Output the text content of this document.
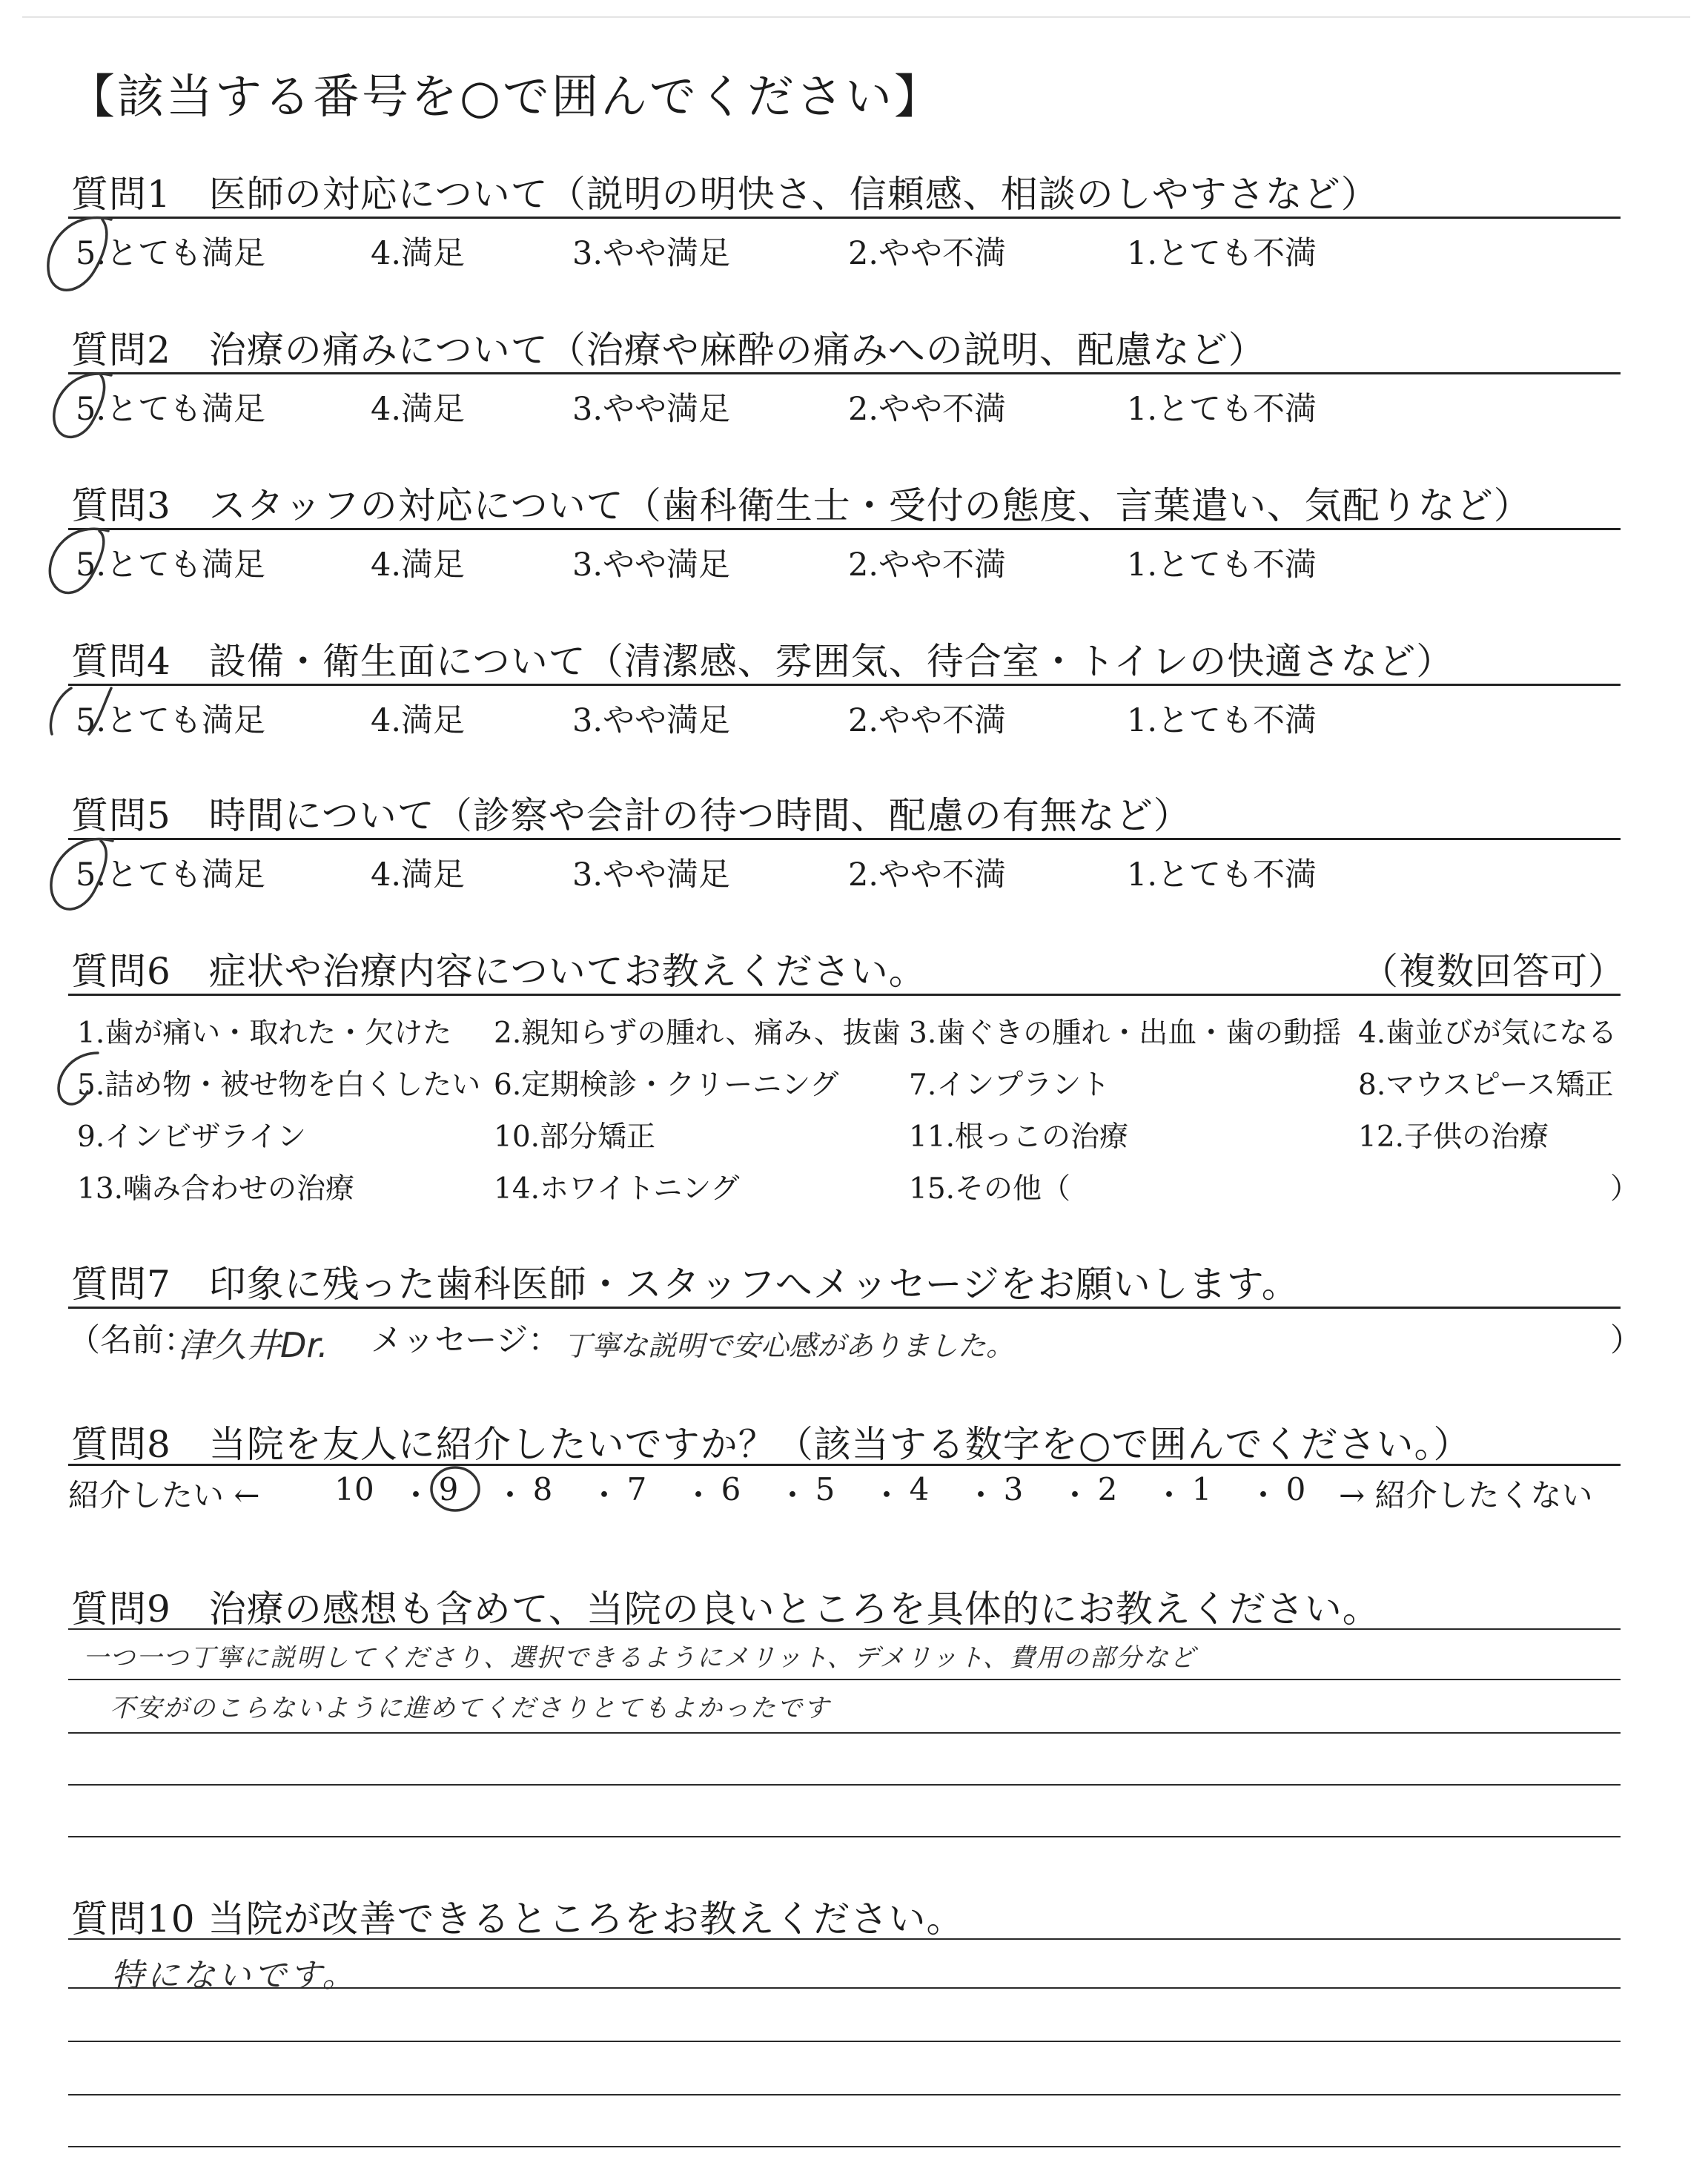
【該当する番号を○で囲んでください】
質問1　医師の対応について（説明の明快さ、信頼感、相談のしやすさなど）
5.とても満足	4.満足	3.やや満足	2.やや不満	1.とても不満
質問2　治療の痛みについて（治療や麻酔の痛みへの説明、配慮など）
5.とても満足	4.満足	3.やや満足	2.やや不満	1.とても不満
質問3　スタッフの対応について（歯科衛生士・受付の態度、言葉遣い、気配りなど）
5.とても満足	4.満足	3.やや満足	2.やや不満	1.とても不満
質問4　設備・衛生面について（清潔感、雰囲気、待合室・トイレの快適さなど）
5.とても満足	4.満足	3.やや満足	2.やや不満	1.とても不満
質問5　時間について（診察や会計の待つ時間、配慮の有無など）
5.とても満足	4.満足	3.やや満足	2.やや不満	1.とても不満
質問6　症状や治療内容についてお教えください。	（複数回答可）
1.歯が痛い・取れた・欠けた 2.親知らずの腫れ、痛み、抜歯 3.歯ぐきの腫れ・出血・歯の動揺 4.歯並びが気になる
5.詰め物・被せ物を白くしたい 6.定期検診・クリーニング 7.インプラント	8.マウスピース矯正
9.インビザライン	10.部分矯正	11.根っこの治療	12.子供の治療
13.噛み合わせの治療	14.ホワイトニング	15.その他（	）
質問7　印象に残った歯科医師・スタッフへメッセージをお願いします。
（名前：
津久井Dr. メッセージ： 丁寧な説明で安心感がありました。	）
質問8　当院を友人に紹介したいですか？（該当する数字を○で囲んでください。）
紹介したい ← 10 ・ 9	・ 8	・ 7	・ 6	・ 5	・ 4	・ 3	・ 2	・ 1	・ 0	→ 紹介したくない
質問9　治療の感想も含めて、当院の良いところを具体的にお教えください。
一つ一つ丁寧に説明してくださり、選択できるようにメリット、デメリット、費用の部分など
不安がのこらないように進めてくださりとてもよかったです
質問10 当院が改善できるところをお教えください。
特にないです。
